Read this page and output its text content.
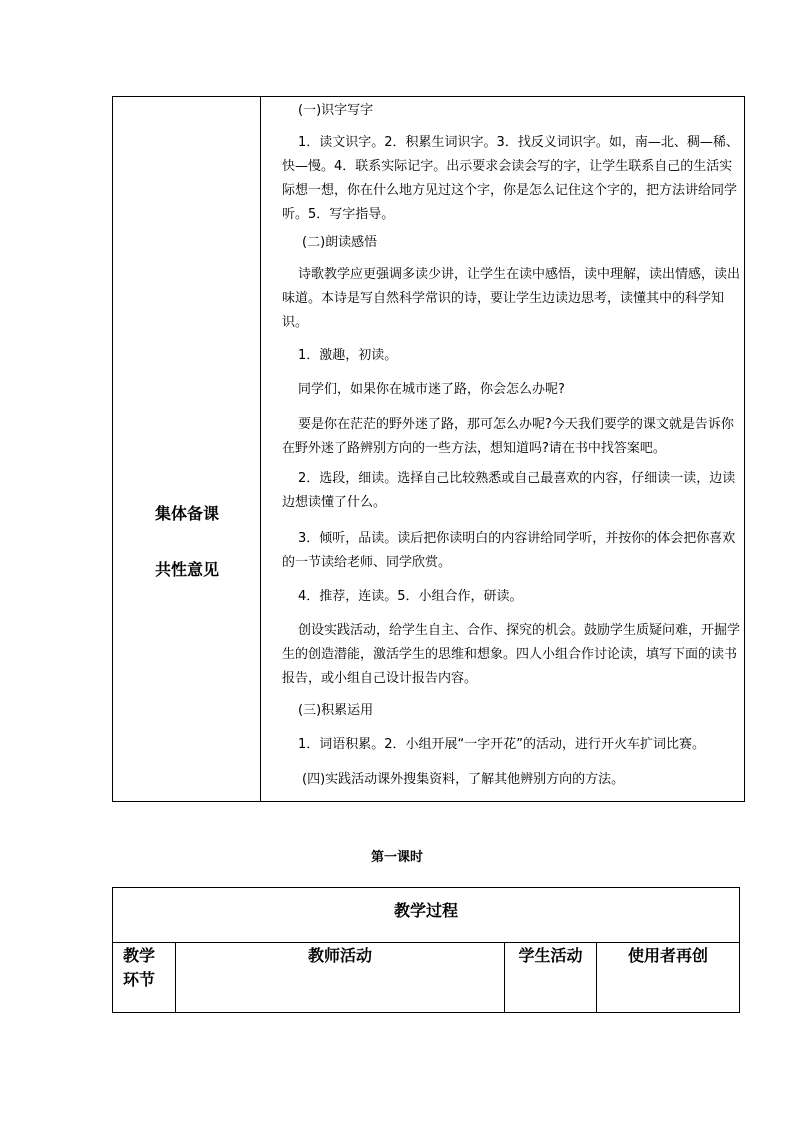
集体备课
共性意见
(一)识字写字
1．读文识字。2．积累生词识字。3．找反义词识字。如，南—北、稠—稀、快—慢。4．联系实际记字。出示要求会读会写的字，让学生联系自己的生活实际想一想，你在什么地方见过这个字，你是怎么记住这个字的，把方法讲给同学听。5．写字指导。
(二)朗读感悟
诗歌教学应更强调多读少讲，让学生在读中感悟，读中理解，读出情感，读出味道。本诗是写自然科学常识的诗，要让学生边读边思考，读懂其中的科学知识。
1．激趣，初读。
同学们，如果你在城市迷了路，你会怎么办呢?
要是你在茫茫的野外迷了路，那可怎么办呢?今天我们要学的课文就是告诉你在野外迷了路辨别方向的一些方法，想知道吗?请在书中找答案吧。
2．选段，细读。选择自己比较熟悉或自己最喜欢的内容，仔细读一读，边读边想读懂了什么。
3．倾听，品读。读后把你读明白的内容讲给同学听，并按你的体会把你喜欢的一节读给老师、同学欣赏。
4．推荐，连读。5．小组合作，研读。
创设实践活动，给学生自主、合作、探究的机会。鼓励学生质疑问难，开掘学生的创造潜能，激活学生的思维和想象。四人小组合作讨论读，填写下面的读书报告，或小组自己设计报告内容。
(三)积累运用
1．词语积累。2．小组开展“一字开花”的活动，进行开火车扩词比赛。
(四)实践活动课外搜集资料，了解其他辨别方向的方法。
第一课时
教学过程
教学环节
教师活动	学生活动	使用者再创
